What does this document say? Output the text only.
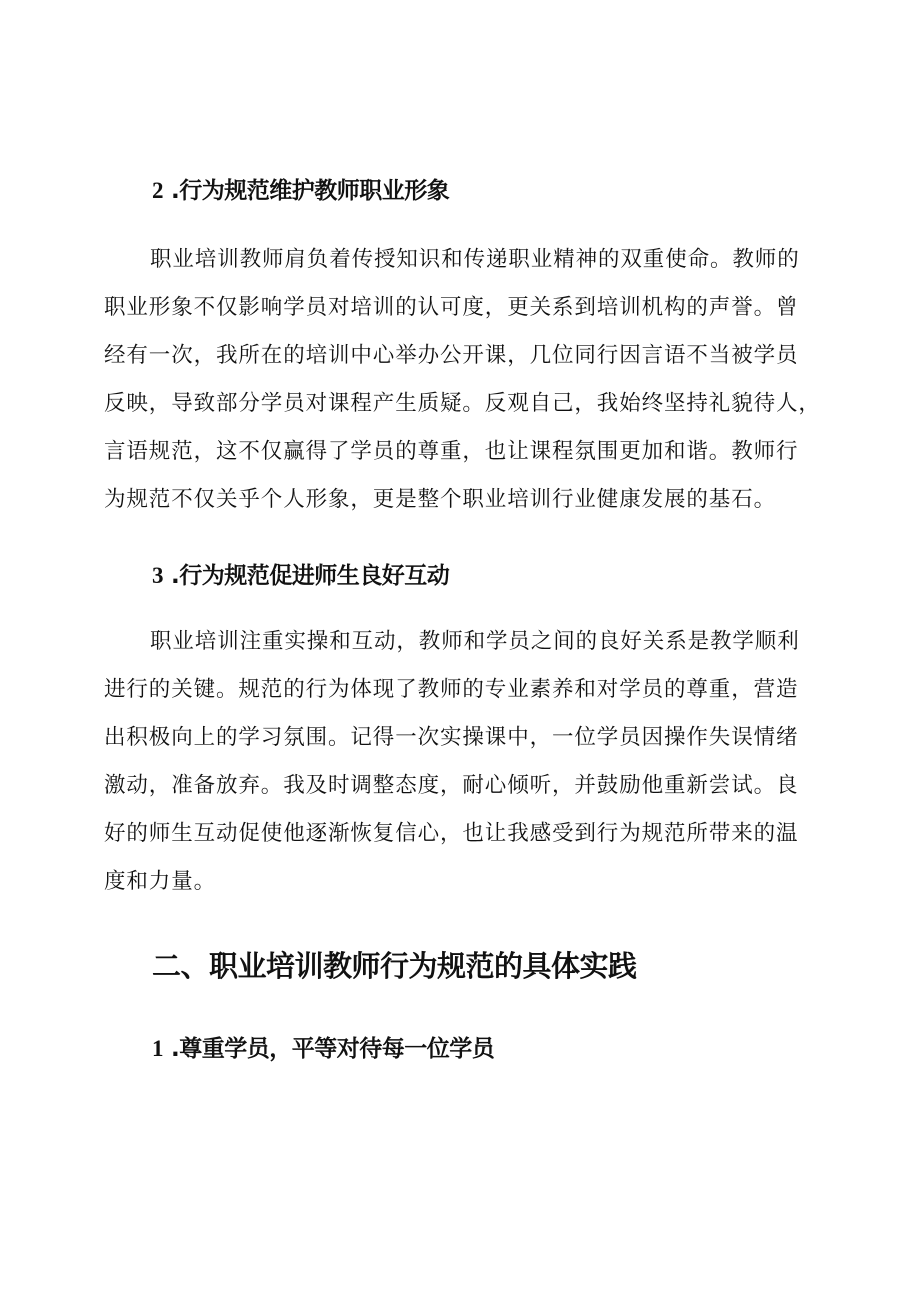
2 .行为规范维护教师职业形象
职业培训教师肩负着传授知识和传递职业精神的双重使命。教师的
职业形象不仅影响学员对培训的认可度，更关系到培训机构的声誉。曾
经有一次，我所在的培训中心举办公开课，几位同行因言语不当被学员
反映，导致部分学员对课程产生质疑。反观自己，我始终坚持礼貌待人，
言语规范，这不仅赢得了学员的尊重，也让课程氛围更加和谐。教师行
为规范不仅关乎个人形象，更是整个职业培训行业健康发展的基石。
3 .行为规范促进师生良好互动
职业培训注重实操和互动，教师和学员之间的良好关系是教学顺利
进行的关键。规范的行为体现了教师的专业素养和对学员的尊重，营造
出积极向上的学习氛围。记得一次实操课中，一位学员因操作失误情绪
激动，准备放弃。我及时调整态度，耐心倾听，并鼓励他重新尝试。良
好的师生互动促使他逐渐恢复信心，也让我感受到行为规范所带来的温
度和力量。
二、职业培训教师行为规范的具体实践
1 .尊重学员，平等对待每一位学员
